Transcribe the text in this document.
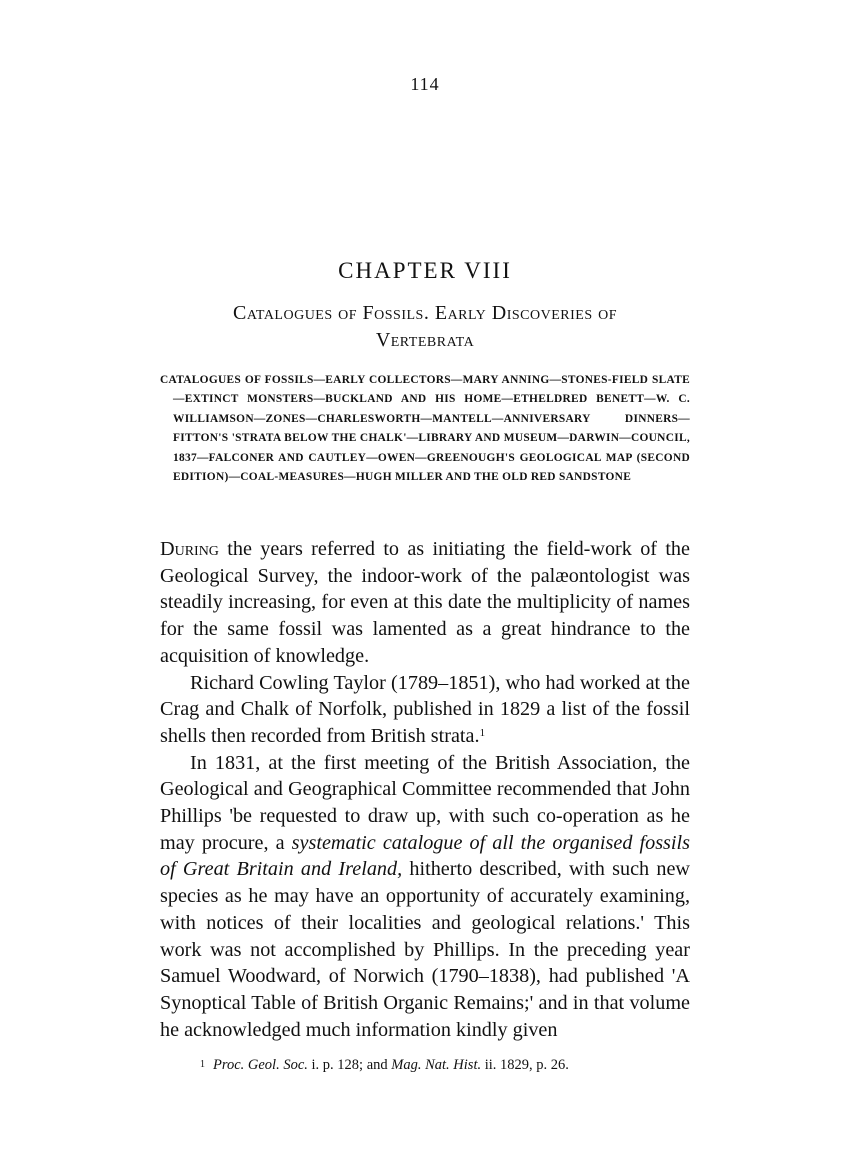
114
CHAPTER VIII
Catalogues of Fossils. Early Discoveries of
Vertebrata
CATALOGUES OF FOSSILS—EARLY COLLECTORS—MARY ANNING—STONES-FIELD SLATE—EXTINCT MONSTERS—BUCKLAND AND HIS HOME—ETHELDRED BENETT—W. C. WILLIAMSON—ZONES—CHARLESWORTH—MANTELL—ANNIVERSARY DINNERS—FITTON'S 'STRATA BELOW THE CHALK'—LIBRARY AND MUSEUM—DARWIN—COUNCIL, 1837—FALCONER AND CAUTLEY—OWEN—GREENOUGH'S GEOLOGICAL MAP (SECOND EDITION)—COAL-MEASURES—HUGH MILLER AND THE OLD RED SANDSTONE

During the years referred to as initiating the field-work of the Geological Survey, the indoor-work of the palæontologist was steadily increasing, for even at this date the multiplicity of names for the same fossil was lamented as a great hindrance to the acquisition of knowledge.

Richard Cowling Taylor (1789–1851), who had worked at the Crag and Chalk of Norfolk, published in 1829 a list of the fossil shells then recorded from British strata.$^1$

In 1831, at the first meeting of the British Association, the Geological and Geographical Committee recommended that John Phillips 'be requested to draw up, with such co-operation as he may procure, a systematic catalogue of all the organised fossils of Great Britain and Ireland, hitherto described, with such new species as he may have an opportunity of accurately examining, with notices of their localities and geological relations.' This work was not accomplished by Phillips. In the preceding year Samuel Woodward, of Norwich (1790–1838), had published 'A Synoptical Table of British Organic Remains;' and in that volume he acknowledged much information kindly given

1 Proc. Geol. Soc. i. p. 128; and Mag. Nat. Hist. ii. 1829, p. 26.
